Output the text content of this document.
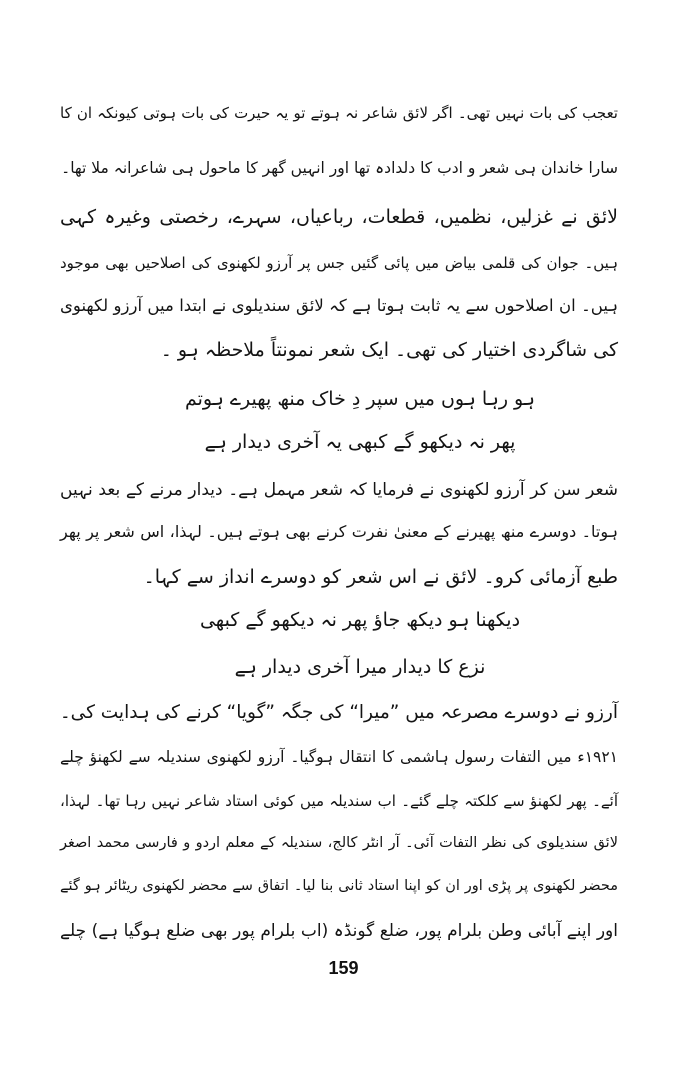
تعجب کی بات نہیں تھی۔ اگر لائق شاعر نہ ہوتے تو یہ حیرت کی بات ہوتی کیونکہ ان کا
سارا خاندان ہی شعر و ادب کا دلدادہ تھا اور انہیں گھر کا ماحول ہی شاعرانہ ملا تھا۔
لائق نے غزلیں، نظمیں، قطعات، رباعیاں، سہرے، رخصتی وغیرہ کہی
ہیں۔ جوان کی قلمی بیاض میں پائی گئیں جس پر آرزو لکھنوی کی اصلاحیں بھی موجود
ہیں۔ ان اصلاحوں سے یہ ثابت ہوتا ہے کہ لائق سندیلوی نے ابتدا میں آرزو لکھنوی
کی شاگردی اختیار کی تھی۔ ایک شعر نمونتاً ملاحظہ ہو ۔
ہو رہا ہوں میں سپر دِ خاک منھ پھیرے ہوتم
پھر نہ دیکھو گے کبھی یہ آخری دیدار ہے
شعر سن کر آرزو لکھنوی نے فرمایا کہ شعر مہمل ہے۔ دیدار مرنے کے بعد نہیں
ہوتا۔ دوسرے منھ پھیرنے کے معنیٰ نفرت کرنے بھی ہوتے ہیں۔ لہذا، اس شعر پر پھر
طبع آزمائی کرو۔ لائق نے اس شعر کو دوسرے انداز سے کہا۔
دیکھنا ہو دیکھ جاؤ پھر نہ دیکھو گے کبھی
نزع کا دیدار میرا آخری دیدار ہے
آرزو نے دوسرے مصرعہ میں ”میرا“ کی جگہ ”گویا“ کرنے کی ہدایت کی۔
۱۹۲۱ء میں التفات رسول ہاشمی کا انتقال ہوگیا۔ آرزو لکھنوی سندیلہ سے لکھنؤ چلے
آئے۔ پھر لکھنؤ سے کلکتہ چلے گئے۔ اب سندیلہ میں کوئی استاد شاعر نہیں رہا تھا۔ لہذا،
لائق سندیلوی کی نظر التفات آئی۔ آر انٹر کالج، سندیلہ کے معلم اردو و فارسی محمد اصغر
محضر لکھنوی پر پڑی اور ان کو اپنا استاد ثانی بنا لیا۔ اتفاق سے محضر لکھنوی ریٹائر ہو گئے
اور اپنے آبائی وطن بلرام پور، ضلع گونڈہ (اب بلرام پور بھی ضلع ہوگیا ہے) چلے
159
